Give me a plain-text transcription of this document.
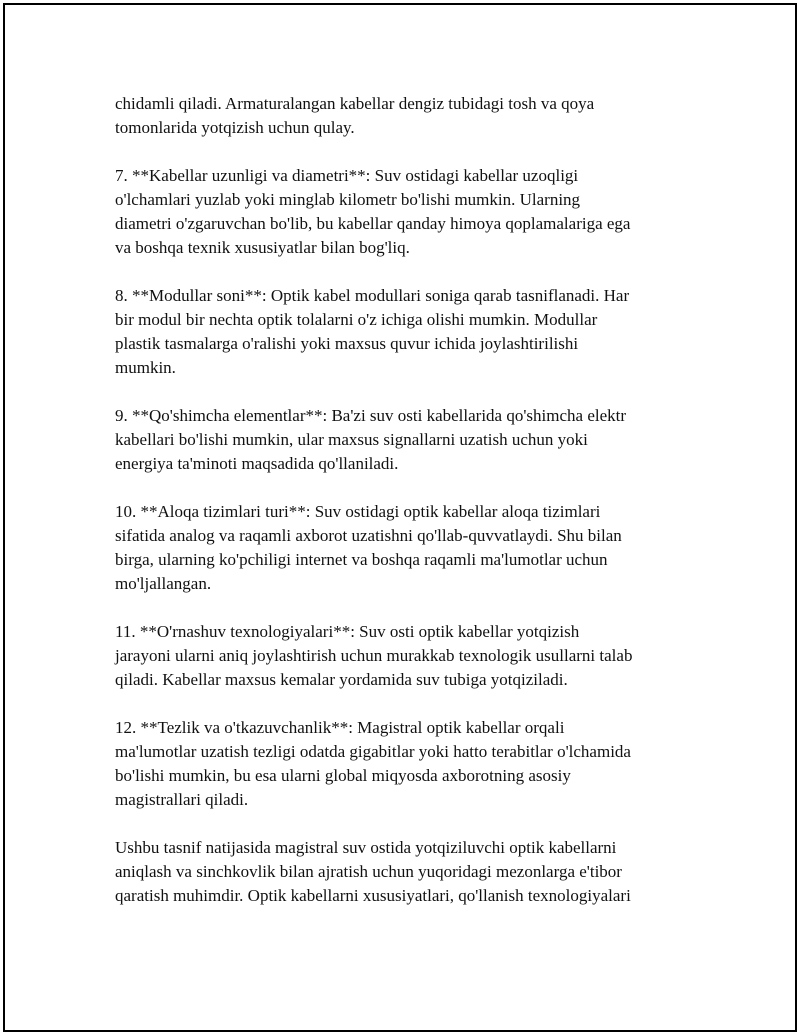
chidamli qiladi. Armaturalangan kabellar dengiz tubidagi tosh va qoya
tomonlarida yotqizish uchun qulay.

7. **Kabellar uzunligi va diametri**: Suv ostidagi kabellar uzoqligi
o'lchamlari yuzlab yoki minglab kilometr bo'lishi mumkin. Ularning
diametri o'zgaruvchan bo'lib, bu kabellar qanday himoya qoplamalariga ega
va boshqa texnik xususiyatlar bilan bog'liq.

8. **Modullar soni**: Optik kabel modullari soniga qarab tasniflanadi. Har
bir modul bir nechta optik tolalarni o'z ichiga olishi mumkin. Modullar
plastik tasmalarga o'ralishi yoki maxsus quvur ichida joylashtirilishi
mumkin.

9. **Qo'shimcha elementlar**: Ba'zi suv osti kabellarida qo'shimcha elektr
kabellari bo'lishi mumkin, ular maxsus signallarni uzatish uchun yoki
energiya ta'minoti maqsadida qo'llaniladi.

10. **Aloqa tizimlari turi**: Suv ostidagi optik kabellar aloqa tizimlari
sifatida analog va raqamli axborot uzatishni qo'llab-quvvatlaydi. Shu bilan
birga, ularning ko'pchiligi internet va boshqa raqamli ma'lumotlar uchun
mo'ljallangan.

11. **O'rnashuv texnologiyalari**: Suv osti optik kabellar yotqizish
jarayoni ularni aniq joylashtirish uchun murakkab texnologik usullarni talab
qiladi. Kabellar maxsus kemalar yordamida suv tubiga yotqiziladi.

12. **Tezlik va o'tkazuvchanlik**: Magistral optik kabellar orqali
ma'lumotlar uzatish tezligi odatda gigabitlar yoki hatto terabitlar o'lchamida
bo'lishi mumkin, bu esa ularni global miqyosda axborotning asosiy
magistrallari qiladi.

Ushbu tasnif natijasida magistral suv ostida yotqiziluvchi optik kabellarni
aniqlash va sinchkovlik bilan ajratish uchun yuqoridagi mezonlarga e'tibor
qaratish muhimdir. Optik kabellarni xususiyatlari, qo'llanish texnologiyalari
